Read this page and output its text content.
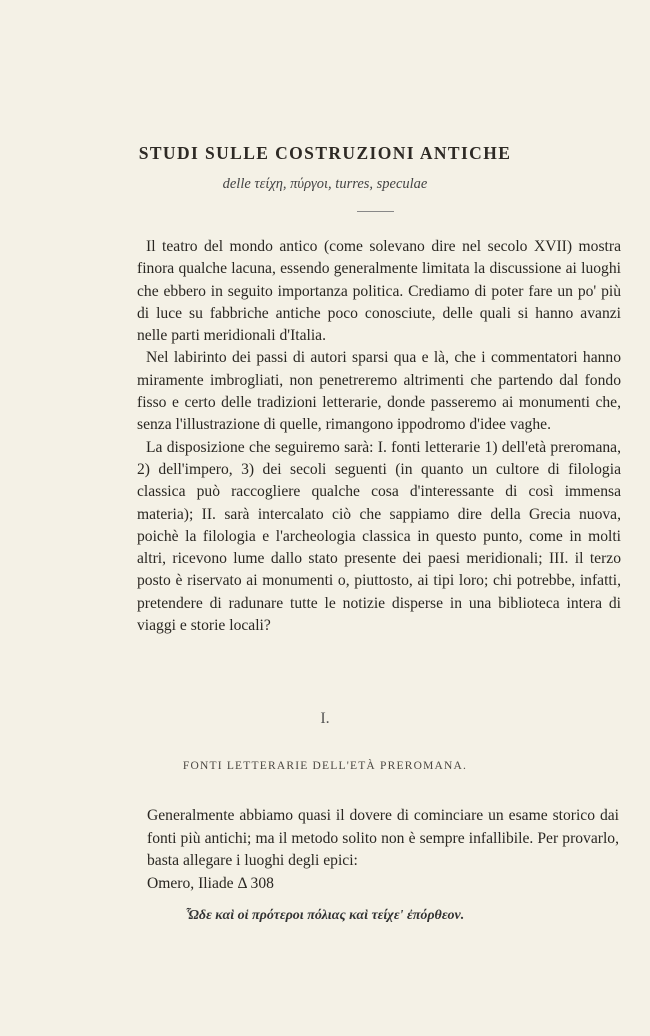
STUDI SULLE COSTRUZIONI ANTICHE
delle τείχη, πύργοι, turres, speculae

Il teatro del mondo antico (come solevano dire nel secolo XVII) mostra finora qualche lacuna, essendo generalmente limitata la discussione ai luoghi che ebbero in seguito importanza politica. Crediamo di poter fare un po' più di luce su fabbriche antiche poco conosciute, delle quali si hanno avanzi nelle parti meridionali d'Italia.

Nel labirinto dei passi di autori sparsi qua e là, che i commentatori hanno miramente imbrogliati, non penetreremo altrimenti che partendo dal fondo fisso e certo delle tradizioni letterarie, donde passeremo ai monumenti che, senza l'illustrazione di quelle, rimangono ippodromo d'idee vaghe.

La disposizione che seguiremo sarà: I. fonti letterarie 1) dell'età preromana, 2) dell'impero, 3) dei secoli seguenti (in quanto un cultore di filologia classica può raccogliere qualche cosa d'interessante di così immensa materia); II. sarà intercalato ciò che sappiamo dire della Grecia nuova, poichè la filologia e l'archeologia classica in questo punto, come in molti altri, ricevono lume dallo stato presente dei paesi meridionali; III. il terzo posto è riservato ai monumenti o, piuttosto, ai tipi loro; chi potrebbe, infatti, pretendere di radunare tutte le notizie disperse in una biblioteca intera di viaggi e storie locali?

I.
FONTI LETTERARIE DELL'ETÀ PREROMANA.

Generalmente abbiamo quasi il dovere di cominciare un esame storico dai fonti più antichi; ma il metodo solito non è sempre infallibile. Per provarlo, basta allegare i luoghi degli epici:

Omero, Iliade Δ 308

Ὧδε καὶ οἱ πρότεροι πόλιας καὶ τείχε' ἐπόρθεον.
